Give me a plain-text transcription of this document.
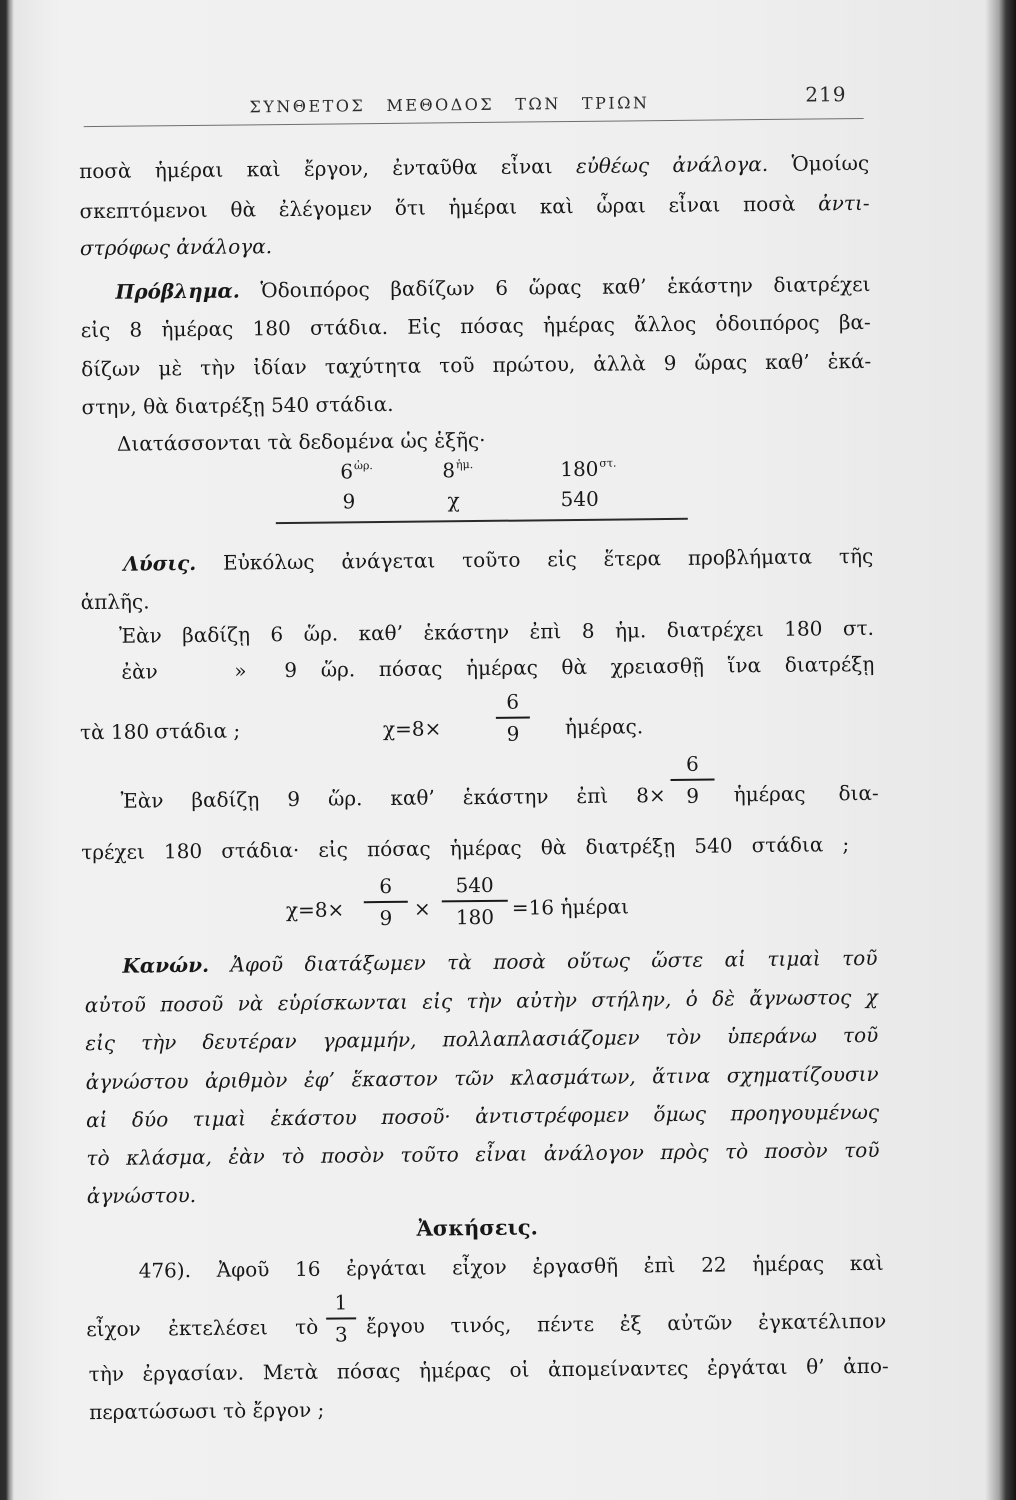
ΣΥΝΘΕΤΟΣ ΜΕΘΟΔΟΣ ΤΩΝ ΤΡΙΩΝ	219
ποσὰ ἡμέραι καὶ ἔργον, ἐνταῦθα εἶναι εὐθέως ἀνάλογα. Ὁμοίως
σκεπτόμενοι θὰ ἐλέγομεν ὅτι ἡμέραι καὶ ὧραι εἶναι ποσὰ ἀντι-
στρόφως ἀνάλογα.
Πρόβλημα. Ὁδοιπόρος βαδίζων 6 ὥρας καθ’ ἑκάστην διατρέχει
εἰς 8 ἡμέρας 180 στάδια. Εἰς πόσας ἡμέρας ἄλλος ὁδοιπόρος βα-
δίζων μὲ τὴν ἰδίαν ταχύτητα τοῦ πρώτου, ἀλλὰ 9 ὥρας καθ’ ἑκά-
στην, θὰ διατρέξῃ 540 στάδια.
Διατάσσονται τὰ δεδομένα ὡς ἑξῆς·
$6^{ὡ\rho.}$	$8^{ἡ\mu.}$	$180^{\sigma\tau.}$
9	χ	540
Λύσις. Εὐκόλως ἀνάγεται τοῦτο εἰς ἕτερα προβλήματα τῆς
ἁπλῆς.
Ἐὰν βαδίζῃ 6 ὥρ. καθ’ ἑκάστην ἐπὶ 8 ἡμ. διατρέχει 180 στ.
ἐὰν	» 9 ὥρ. πόσας ἡμέρας θὰ χρειασθῇ ἵνα διατρέξῃ
τὰ 180 στάδια ;	χ=8×
6
9	ἡμέρας.
Ἐὰν βαδίζῃ 9 ὥρ. καθ’ ἑκάστην ἐπὶ 8×
6
9	ἡμέρας δια-
τρέχει 180 στάδια· εἰς πόσας ἡμέρας θὰ διατρέξῃ 540 στάδια ;
χ=8×
6
9	×
540
180 =16 ἡμέραι
Κανών. Ἀφοῦ διατάξωμεν τὰ ποσὰ οὕτως ὥστε αἱ τιμαὶ τοῦ
αὐτοῦ ποσοῦ νὰ εὑρίσκωνται εἰς τὴν αὐτὴν στήλην, ὁ δὲ ἄγνωστος χ
εἰς τὴν δευτέραν γραμμήν, πολλαπλασιάζομεν τὸν ὑπεράνω τοῦ
ἀγνώστου ἀριθμὸν ἐφ’ ἕκαστον τῶν κλασμάτων, ἅτινα σχηματίζουσιν
αἱ δύο τιμαὶ ἑκάστου ποσοῦ· ἀντιστρέφομεν ὅμως προηγουμένως
τὸ κλάσμα, ἐὰν τὸ ποσὸν τοῦτο εἶναι ἀνάλογον πρὸς τὸ ποσὸν τοῦ
ἀγνώστου.
Ἀσκήσεις.
476). Ἀφοῦ 16 ἐργάται εἶχον ἐργασθῆ ἐπὶ 22 ἡμέρας καὶ
εἶχον ἐκτελέσει τὸ
1
3 ἔργου τινός, πέντε ἐξ αὐτῶν ἐγκατέλιπον
τὴν ἐργασίαν. Μετὰ πόσας ἡμέρας οἱ ἀπομείναντες ἐργάται θ’ ἀπο-
περατώσωσι τὸ ἔργον ;
